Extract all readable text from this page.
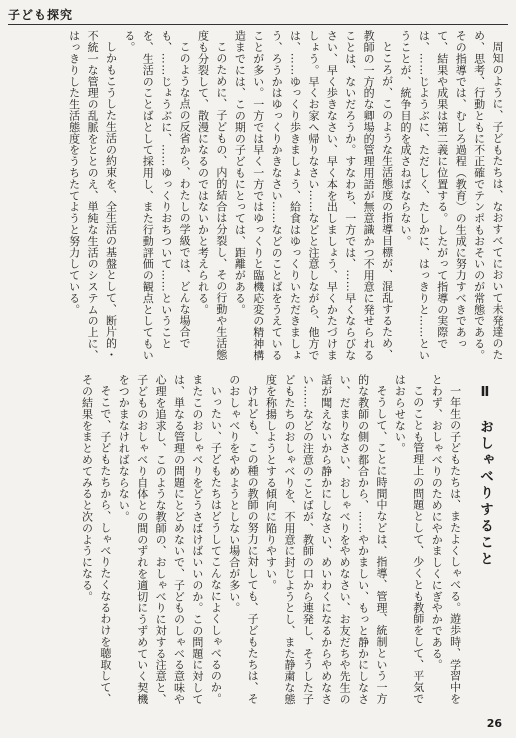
子ども探究

周知のように、子どもたちは、なおすべてにおいて未発達のため、思考、行動ともに不正確でテンポもおそいのが常態である。その指導では、むしろ過程（教育）の生成に努力すべきであって、結果や成果は第二義に位置する。したがって指導の実際では、……じようぶに、ただしく、たしかに、はっきりと……ということが、統争目的を成さねばならない。

ところが、このような生活態度の指導目標が、混乱するため、教師の一方的な卿場的管理用語が無意識かつ不用意に発せられることは、ないだろうか。すなわち、一方では、……早くならびなさい、早く歩きなさい、早く本を出しましょう、早くかたづけましょう。早くお家へ帰りなさい……などと注意しながら、他方では、……ゆっくり歩きましょう、給食はゆっくりいただきましょう、ろうかはゆっくりかきなさい……などのことばをうえていることが多い。一方では早く一方ではゆっくりと臨機応変の精神構造までには、この期の子どもにとっては、距離がある。

このために、子どもの、内的結合は分裂し、その行動や生活態度も分裂して、散漫になるのではないかと考えられる。

このような点の反省から、わたしの学級では、どんな場合でも、……じょうぶに、……ゆっくりおちついて……ということを、生活のことばとして採用し、また行動評価の観点としてもいる。

しかもこうした生活の約束を、全生活の基盤として、断片的・不統一な管理の乱脈をととのえ、単純な生活のシステムの上に、はっきりした生活態度をうちたてようと努力している。

Ⅱ おしゃべりすること

一年生の子どもたちは、またよくしゃべる。遊歩時、学習中をとわず、おしゃべりのためにやかましくにぎやかである。

このことも管理上の問題として、少くとも教師をして、平気ではおらせない。

そうして、ことに時間中などは、指導、管理、統制という一方的な教師の側の都合から、……やかましい、もっと静かにしなさい、だまりなさい、おしゃべりをやめなさい、お友だちや先生の話が聞えないから静かにしなさい、めいわくになるからやめなさい……などの注意のことばが、教師の口から連発し、そうした子どもたちのおしゃべりを、不用意に封じようとし、また静粛な態度を称揚しようとする傾向に陥りやすい。

けれども、この種の教師の努力に対しても、子どもたちは、そのおしゃべりをやめようとしない場合が多い。

いったい、子どもたちはどうしてこんなによくしゃべるのか。またこのおしゃべりをどうさばけばいいのか。この問題に対しては、単なる管理の問題にとどめないで、子どものしゃべる意味や心理を追求し、このような教師の、おしゃべりに対する注意と、子どものおしゃべり自体との間のずれを適切にうずめていく契機をつかまなければならない。

そこで、子どもたちから、しゃべりたくなるわけを聴取して、その結果をまとめてみると次のようになる。

26
